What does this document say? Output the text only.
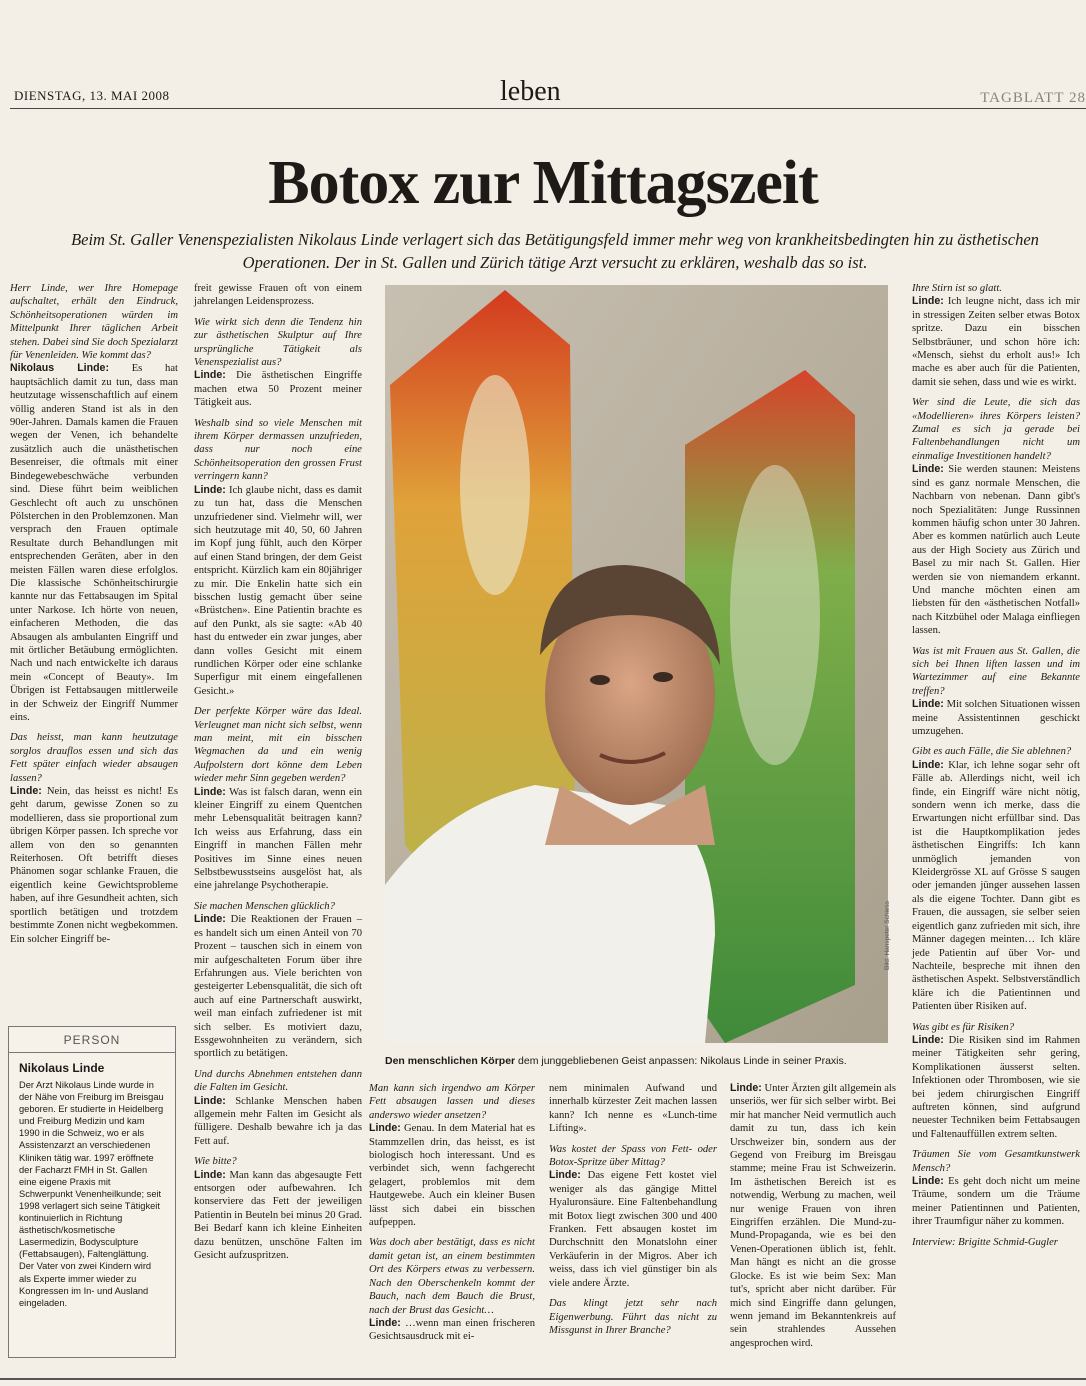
DIENSTAG, 13. MAI 2008	leben	TAGBLATT 28
Botox zur Mittagszeit
Beim St. Galler Venenspezialisten Nikolaus Linde verlagert sich das Betätigungsfeld immer mehr weg von krankheitsbedingten hin zu ästhetischen Operationen. Der in St. Gallen und Zürich tätige Arzt versucht zu erklären, weshalb das so ist.

Herr Linde, wer Ihre Homepage aufschaltet, erhält den Eindruck, Schönheitsoperationen würden im Mittelpunkt Ihrer täglichen Arbeit stehen. Dabei sind Sie doch Spezialarzt für Venenleiden. Wie kommt das?
Nikolaus Linde: Es hat hauptsächlich damit zu tun, dass man heutzutage wissenschaftlich auf einem völlig anderen Stand ist als in den 90er-Jahren. Damals kamen die Frauen wegen der Venen, ich behandelte zusätzlich auch die unästhetischen Besenreiser, die oftmals mit einer Bindegewebeschwäche verbunden sind. Diese führt beim weiblichen Geschlecht oft auch zu unschönen Pölsterchen in den Problemzonen. Man versprach den Frauen optimale Resultate durch Behandlungen mit entsprechenden Geräten, aber in den meisten Fällen waren diese erfolglos. Die klassische Schönheitschirurgie kannte nur das Fettabsaugen im Spital unter Narkose. Ich hörte von neuen, einfacheren Methoden, die das Absaugen als ambulanten Eingriff und mit örtlicher Betäubung ermöglichten. Nach und nach entwickelte ich daraus mein «Concept of Beauty». Im Übrigen ist Fettabsaugen mittlerweile in der Schweiz der Eingriff Nummer eins.

Das heisst, man kann heutzutage sorglos drauflos essen und sich das Fett später einfach wieder absaugen lassen?
Linde: Nein, das heisst es nicht! Es geht darum, gewisse Zonen so zu modellieren, dass sie proportional zum übrigen Körper passen. Ich spreche vor allem von den so genannten Reiterhosen. Oft betrifft dieses Phänomen sogar schlanke Frauen, die eigentlich keine Gewichtsprobleme haben, auf ihre Gesundheit achten, sich sportlich betätigen und trotzdem bestimmte Zonen nicht wegbekommen. Ein solcher Eingriff be-

freit gewisse Frauen oft von einem jahrelangen Leidensprozess.

Wie wirkt sich denn die Tendenz hin zur ästhetischen Skulptur auf Ihre ursprüngliche Tätigkeit als Venenspezialist aus?
Linde: Die ästhetischen Eingriffe machen etwa 50 Prozent meiner Tätigkeit aus.

Weshalb sind so viele Menschen mit ihrem Körper dermassen unzufrieden, dass nur noch eine Schönheitsoperation den grossen Frust verringern kann?
Linde: Ich glaube nicht, dass es damit zu tun hat, dass die Menschen unzufriedener sind. Vielmehr will, wer sich heutzutage mit 40, 50, 60 Jahren im Kopf jung fühlt, auch den Körper auf einen Stand bringen, der dem Geist entspricht. Kürzlich kam ein 80jähriger zu mir. Die Enkelin hatte sich ein bisschen lustig gemacht über seine «Brüstchen». Eine Patientin brachte es auf den Punkt, als sie sagte: «Ab 40 hast du entweder ein zwar junges, aber dann volles Gesicht mit einem rundlichen Körper oder eine schlanke Superfigur mit einem eingefallenen Gesicht.»

Der perfekte Körper wäre das Ideal. Verleugnet man nicht sich selbst, wenn man meint, mit ein bisschen Wegmachen da und ein wenig Aufpolstern dort könne dem Leben wieder mehr Sinn gegeben werden?
Linde: Was ist falsch daran, wenn ein kleiner Eingriff zu einem Quentchen mehr Lebensqualität beitragen kann? Ich weiss aus Erfahrung, dass ein Eingriff in manchen Fällen mehr Positives im Sinne eines neuen Selbstbewusstseins ausgelöst hat, als eine jahrelange Psychotherapie.

Sie machen Menschen glücklich?
Linde: Die Reaktionen der Frauen – es handelt sich um einen Anteil von 70 Prozent – tauschen sich in einem von mir aufgeschalteten Forum über ihre Erfahrungen aus. Viele berichten von gesteigerter Lebensqualität, die sich oft auch auf eine Partnerschaft auswirkt, weil man einfach zufriedener ist mit sich selber. Es motiviert dazu, Essgewohnheiten zu verändern, sich sportlich zu betätigen.

Und durchs Abnehmen entstehen dann die Falten im Gesicht.
Linde: Schlanke Menschen haben allgemein mehr Falten im Gesicht als fülligere. Deshalb bewahre ich ja das Fett auf.

Wie bitte?
Linde: Man kann das abgesaugte Fett entsorgen oder aufbewahren. Ich konserviere das Fett der jeweiligen Patientin in Beuteln bei minus 20 Grad. Bei Bedarf kann ich kleine Einheiten dazu benützen, unschöne Falten im Gesicht aufzuspritzen.

Man kann sich irgendwo am Körper Fett absaugen lassen und dieses anderswo wieder ansetzen?
Linde: Genau. In dem Material hat es Stammzellen drin, das heisst, es ist biologisch hoch interessant. Und es verbindet sich, wenn fachgerecht gelagert, problemlos mit dem Hautgewebe. Auch ein kleiner Busen lässt sich dabei ein bisschen aufpeppen.

Was doch aber bestätigt, dass es nicht damit getan ist, an einem bestimmten Ort des Körpers etwas zu verbessern. Nach den Oberschenkeln kommt der Bauch, nach dem Bauch die Brust, nach der Brust das Gesicht…
Linde: …wenn man einen frischeren Gesichtsausdruck mit ei-

nem minimalen Aufwand und innerhalb kürzester Zeit machen lassen kann? Ich nenne es «Lunch-time Lifting».

Was kostet der Spass von Fett- oder Botox-Spritze über Mittag?
Linde: Das eigene Fett kostet viel weniger als das gängige Mittel Hyaluronsäure. Eine Faltenbehandlung mit Botox liegt zwischen 300 und 400 Franken. Fett absaugen kostet im Durchschnitt den Monatslohn einer Verkäuferin in der Migros. Aber ich weiss, dass ich viel günstiger bin als viele andere Ärzte.

Das klingt jetzt sehr nach Eigenwerbung. Führt das nicht zu Missgunst in Ihrer Branche?

Linde: Unter Ärzten gilt allgemein als unseriös, wer für sich selber wirbt. Bei mir hat mancher Neid vermutlich auch damit zu tun, dass ich kein Urschweizer bin, sondern aus der Gegend von Freiburg im Breisgau stamme; meine Frau ist Schweizerin. Im ästhetischen Bereich ist es notwendig, Werbung zu machen, weil nur wenige Frauen von ihren Eingriffen erzählen. Die Mund-zu-Mund-Propaganda, wie es bei den Venen-Operationen üblich ist, fehlt. Man hängt es nicht an die grosse Glocke. Es ist wie beim Sex: Man tut's, spricht aber nicht darüber. Für mich sind Eingriffe dann gelungen, wenn jemand im Bekanntenkreis auf sein strahlendes Aussehen angesprochen wird.

Ihre Stirn ist so glatt.
Linde: Ich leugne nicht, dass ich mir in stressigen Zeiten selber etwas Botox spritze. Dazu ein bisschen Selbstbräuner, und schon höre ich: «Mensch, siehst du erholt aus!» Ich mache es aber auch für die Patienten, damit sie sehen, dass und wie es wirkt.

Wer sind die Leute, die sich das «Modellieren» ihres Körpers leisten? Zumal es sich ja gerade bei Faltenbehandlungen nicht um einmalige Investitionen handelt?
Linde: Sie werden staunen: Meistens sind es ganz normale Menschen, die Nachbarn von nebenan. Dann gibt's noch Spezialitäten: Junge Russinnen kommen häufig schon unter 30 Jahren. Aber es kommen natürlich auch Leute aus der High Society aus Zürich und Basel zu mir nach St. Gallen. Hier werden sie von niemandem erkannt. Und manche möchten einen am liebsten für den «ästhetischen Notfall» nach Kitzbühel oder Malaga einfliegen lassen.

Was ist mit Frauen aus St. Gallen, die sich bei Ihnen liften lassen und im Wartezimmer auf eine Bekannte treffen?
Linde: Mit solchen Situationen wissen meine Assistentinnen geschickt umzugehen.

Gibt es auch Fälle, die Sie ablehnen?
Linde: Klar, ich lehne sogar sehr oft Fälle ab. Allerdings nicht, weil ich finde, ein Eingriff wäre nicht nötig, sondern wenn ich merke, dass die Erwartungen nicht erfüllbar sind. Das ist die Hauptkomplikation jedes ästhetischen Eingriffs: Ich kann unmöglich jemanden von Kleidergrösse XL auf Grösse S saugen oder jemanden jünger aussehen lassen als die eigene Tochter. Dann gibt es Frauen, die aussagen, sie selber seien eigentlich ganz zufrieden mit sich, ihre Männer dagegen meinten… Ich kläre jede Patientin auf über Vor- und Nachteile, bespreche mit ihnen den ästhetischen Aspekt. Selbstverständlich kläre ich die Patientinnen und Patienten über Risiken auf.

Was gibt es für Risiken?
Linde: Die Risiken sind im Rahmen meiner Tätigkeiten sehr gering, Komplikationen äusserst selten. Infektionen oder Thrombosen, wie sie bei jedem chirurgischen Eingriff auftreten können, sind aufgrund neuester Techniken beim Fettabsaugen und Faltenauffüllen extrem selten.

Träumen Sie vom Gesamtkunstwerk Mensch?
Linde: Es geht doch nicht um meine Träume, sondern um die Träume meiner Patientinnen und Patienten, ihrer Traumfigur näher zu kommen.

Interview: Brigitte Schmid-Gugler

Bild: Hanspeter Schiess
Den menschlichen Körper dem junggebliebenen Geist anpassen: Nikolaus Linde in seiner Praxis.
PERSON
Nikolaus Linde
Der Arzt Nikolaus Linde wurde in der Nähe von Freiburg im Breisgau geboren. Er studierte in Heidelberg und Freiburg Medizin und kam 1990 in die Schweiz, wo er als Assistenzarzt an verschiedenen Kliniken tätig war. 1997 eröffnete der Facharzt FMH in St. Gallen eine eigene Praxis mit Schwerpunkt Venenheilkunde; seit 1998 verlagert sich seine Tätigkeit kontinuierlich in Richtung ästhetisch/kosmetische Lasermedizin, Bodysculpture (Fettabsaugen), Faltenglättung. Der Vater von zwei Kindern wird als Experte immer wieder zu Kongressen im In- und Ausland eingeladen.
